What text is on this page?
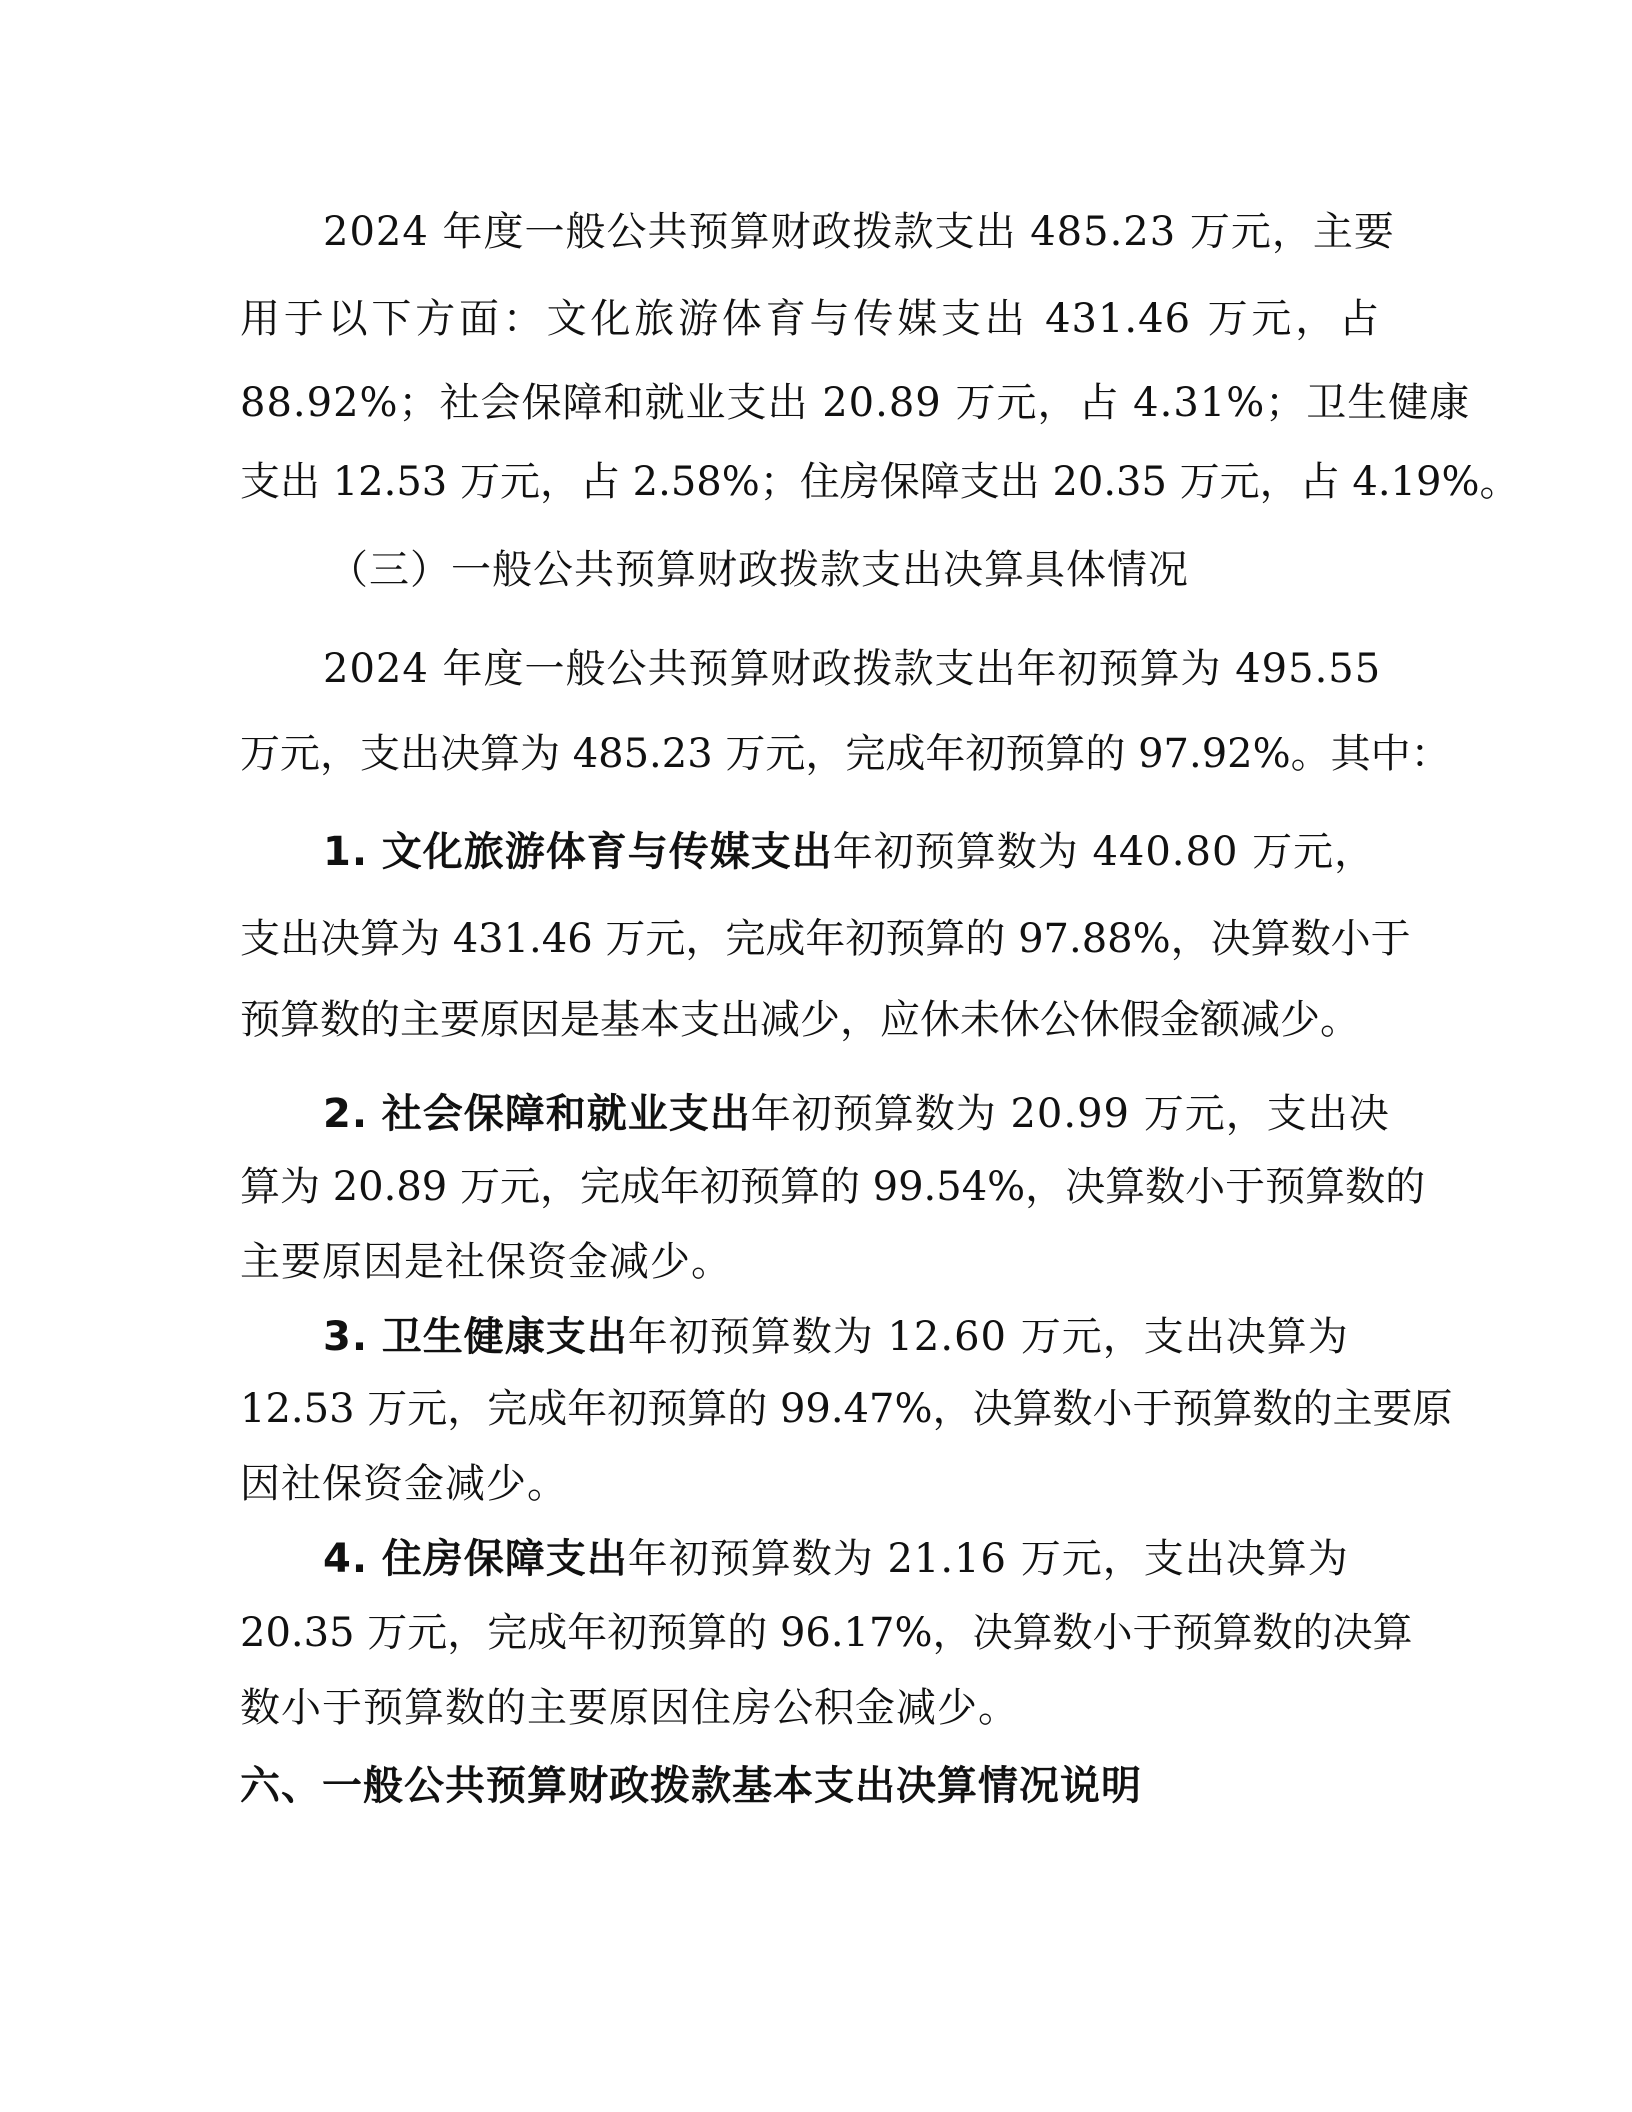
2024 年度一般公共预算财政拨款支出 485.23 万元，主要
用于以下方面：文化旅游体育与传媒支出 431.46 万元，占
88.92%；社会保障和就业支出 20.89 万元，占 4.31%；卫生健康
支出 12.53 万元，占 2.58%；住房保障支出 20.35 万元，占 4.19%。
（三）一般公共预算财政拨款支出决算具体情况
2024 年度一般公共预算财政拨款支出年初预算为 495.55
万元，支出决算为 485.23 万元，完成年初预算的 97.92%。其中：
1. 文化旅游体育与传媒支出年初预算数为 440.80 万元，
支出决算为 431.46 万元，完成年初预算的 97.88%，决算数小于
预算数的主要原因是基本支出减少，应休未休公休假金额减少。
2. 社会保障和就业支出年初预算数为 20.99 万元，支出决
算为 20.89 万元，完成年初预算的 99.54%，决算数小于预算数的
主要原因是社保资金减少。
3. 卫生健康支出年初预算数为 12.60 万元，支出决算为
12.53 万元，完成年初预算的 99.47%，决算数小于预算数的主要原
因社保资金减少。
4. 住房保障支出年初预算数为 21.16 万元，支出决算为
20.35 万元，完成年初预算的 96.17%，决算数小于预算数的决算
数小于预算数的主要原因住房公积金减少。
六、一般公共预算财政拨款基本支出决算情况说明
